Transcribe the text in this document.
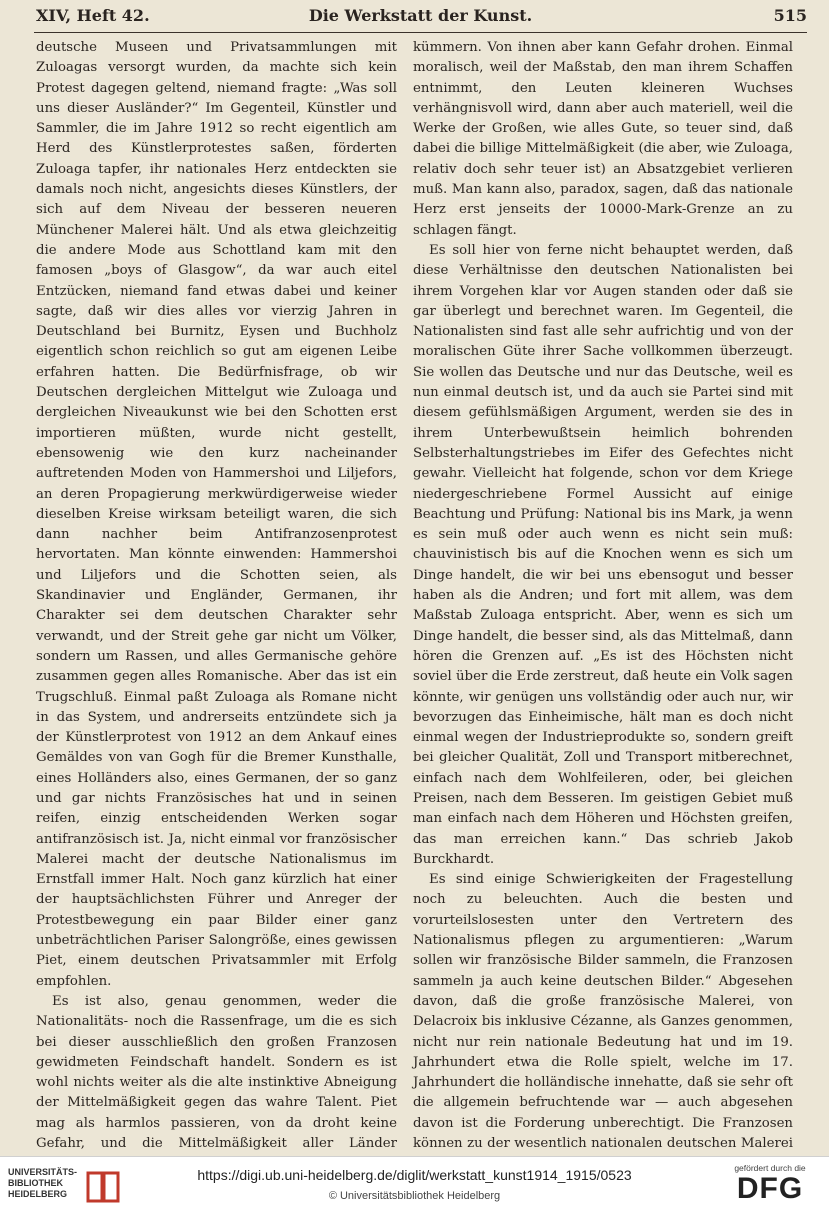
XIV, Heft 42.	Die Werkstatt der Kunst.	515

deutsche Museen und Privatsammlungen mit Zuloagas versorgt wurden, da machte sich kein Protest dagegen geltend, niemand fragte: „Was soll uns dieser Ausländer?“ Im Gegenteil, Künstler und Sammler, die im Jahre 1912 so recht eigentlich am Herd des Künstlerprotestes saßen, förderten Zuloaga tapfer, ihr nationales Herz entdeckten sie damals noch nicht, angesichts dieses Künstlers, der sich auf dem Niveau der besseren neueren Münchener Malerei hält. Und als etwa gleichzeitig die andere Mode aus Schottland kam mit den famosen „boys of Glasgow“, da war auch eitel Entzücken, niemand fand etwas dabei und keiner sagte, daß wir dies alles vor vierzig Jahren in Deutschland bei Burnitz, Eysen und Buchholz eigentlich schon reichlich so gut am eigenen Leibe erfahren hatten. Die Bedürfnisfrage, ob wir Deutschen dergleichen Mittelgut wie Zuloaga und dergleichen Niveaukunst wie bei den Schotten erst importieren müßten, wurde nicht gestellt, ebensowenig wie den kurz nacheinander auftretenden Moden von Hammershoi und Liljefors, an deren Propagierung merkwürdigerweise wieder dieselben Kreise wirksam beteiligt waren, die sich dann nachher beim Antifranzosenprotest hervortaten. Man könnte einwenden: Hammershoi und Liljefors und die Schotten seien, als Skandinavier und Engländer, Germanen, ihr Charakter sei dem deutschen Charakter sehr verwandt, und der Streit gehe gar nicht um Völker, sondern um Rassen, und alles Germanische gehöre zusammen gegen alles Romanische. Aber das ist ein Trugschluß. Einmal paßt Zuloaga als Romane nicht in das System, und andrerseits entzündete sich ja der Künstlerprotest von 1912 an dem Ankauf eines Gemäldes von van Gogh für die Bremer Kunsthalle, eines Holländers also, eines Germanen, der so ganz und gar nichts Französisches hat und in seinen reifen, einzig entscheidenden Werken sogar antifranzösisch ist. Ja, nicht einmal vor französischer Malerei macht der deutsche Nationalismus im Ernstfall immer Halt. Noch ganz kürzlich hat einer der hauptsächlichsten Führer und Anreger der Protestbewegung ein paar Bilder einer ganz unbeträchtlichen Pariser Salongröße, eines gewissen Piet, einem deutschen Privatsammler mit Erfolg empfohlen.

Es ist also, genau genommen, weder die Nationalitäts- noch die Rassenfrage, um die es sich bei dieser ausschließlich den großen Franzosen gewidmeten Feindschaft handelt. Sondern es ist wohl nichts weiter als die alte instinktive Abneigung der Mittelmäßigkeit gegen das wahre Talent. Piet mag als harmlos passieren, von da droht keine Gefahr, und die Mittelmäßigkeit aller Länder

kümmern. Von ihnen aber kann Gefahr drohen. Einmal moralisch, weil der Maßstab, den man ihrem Schaffen entnimmt, den Leuten kleineren Wuchses verhängnisvoll wird, dann aber auch materiell, weil die Werke der Großen, wie alles Gute, so teuer sind, daß dabei die billige Mittelmäßigkeit (die aber, wie Zuloaga, relativ doch sehr teuer ist) an Absatzgebiet verlieren muß. Man kann also, paradox, sagen, daß das nationale Herz erst jenseits der 10000-Mark-Grenze an zu schlagen fängt.

Es soll hier von ferne nicht behauptet werden, daß diese Verhältnisse den deutschen Nationalisten bei ihrem Vorgehen klar vor Augen standen oder daß sie gar überlegt und berechnet waren. Im Gegenteil, die Nationalisten sind fast alle sehr aufrichtig und von der moralischen Güte ihrer Sache vollkommen überzeugt. Sie wollen das Deutsche und nur das Deutsche, weil es nun einmal deutsch ist, und da auch sie Partei sind mit diesem gefühlsmäßigen Argument, werden sie des in ihrem Unterbewußtsein heimlich bohrenden Selbsterhaltungstriebes im Eifer des Gefechtes nicht gewahr. Vielleicht hat folgende, schon vor dem Kriege niedergeschriebene Formel Aussicht auf einige Beachtung und Prüfung: National bis ins Mark, ja wenn es sein muß oder auch wenn es nicht sein muß: chauvinistisch bis auf die Knochen wenn es sich um Dinge handelt, die wir bei uns ebensogut und besser haben als die Andren; und fort mit allem, was dem Maßstab Zuloaga entspricht. Aber, wenn es sich um Dinge handelt, die besser sind, als das Mittelmaß, dann hören die Grenzen auf. „Es ist des Höchsten nicht soviel über die Erde zerstreut, daß heute ein Volk sagen könnte, wir genügen uns vollständig oder auch nur, wir bevorzugen das Einheimische, hält man es doch nicht einmal wegen der Industrieprodukte so, sondern greift bei gleicher Qualität, Zoll und Transport mitberechnet, einfach nach dem Wohlfeileren, oder, bei gleichen Preisen, nach dem Besseren. Im geistigen Gebiet muß man einfach nach dem Höheren und Höchsten greifen, das man erreichen kann.“ Das schrieb Jakob Burckhardt.

Es sind einige Schwierigkeiten der Fragestellung noch zu beleuchten. Auch die besten und vorurteilslosesten unter den Vertretern des Nationalismus pflegen zu argumentieren: „Warum sollen wir französische Bilder sammeln, die Franzosen sammeln ja auch keine deutschen Bilder.“ Abgesehen davon, daß die große französische Malerei, von Delacroix bis inklusive Cézanne, als Ganzes genommen, nicht nur rein nationale Bedeutung hat und im 19. Jahrhundert etwa die Rolle spielt, welche im 17. Jahrhundert die holländische innehatte, daß sie sehr oft die allgemein befruchtende war — auch abgesehen davon ist die Forderung unberechtigt. Die Franzosen können zu der wesentlich nationalen deutschen Malerei

UNIVERSITÄTS-
BIBLIOTHEK
HEIDELBERG
https://digi.ub.uni-heidelberg.de/diglit/werkstatt_kunst1914_1915/0523
© Universitätsbibliothek Heidelberg
gefördert durch die
DFG
